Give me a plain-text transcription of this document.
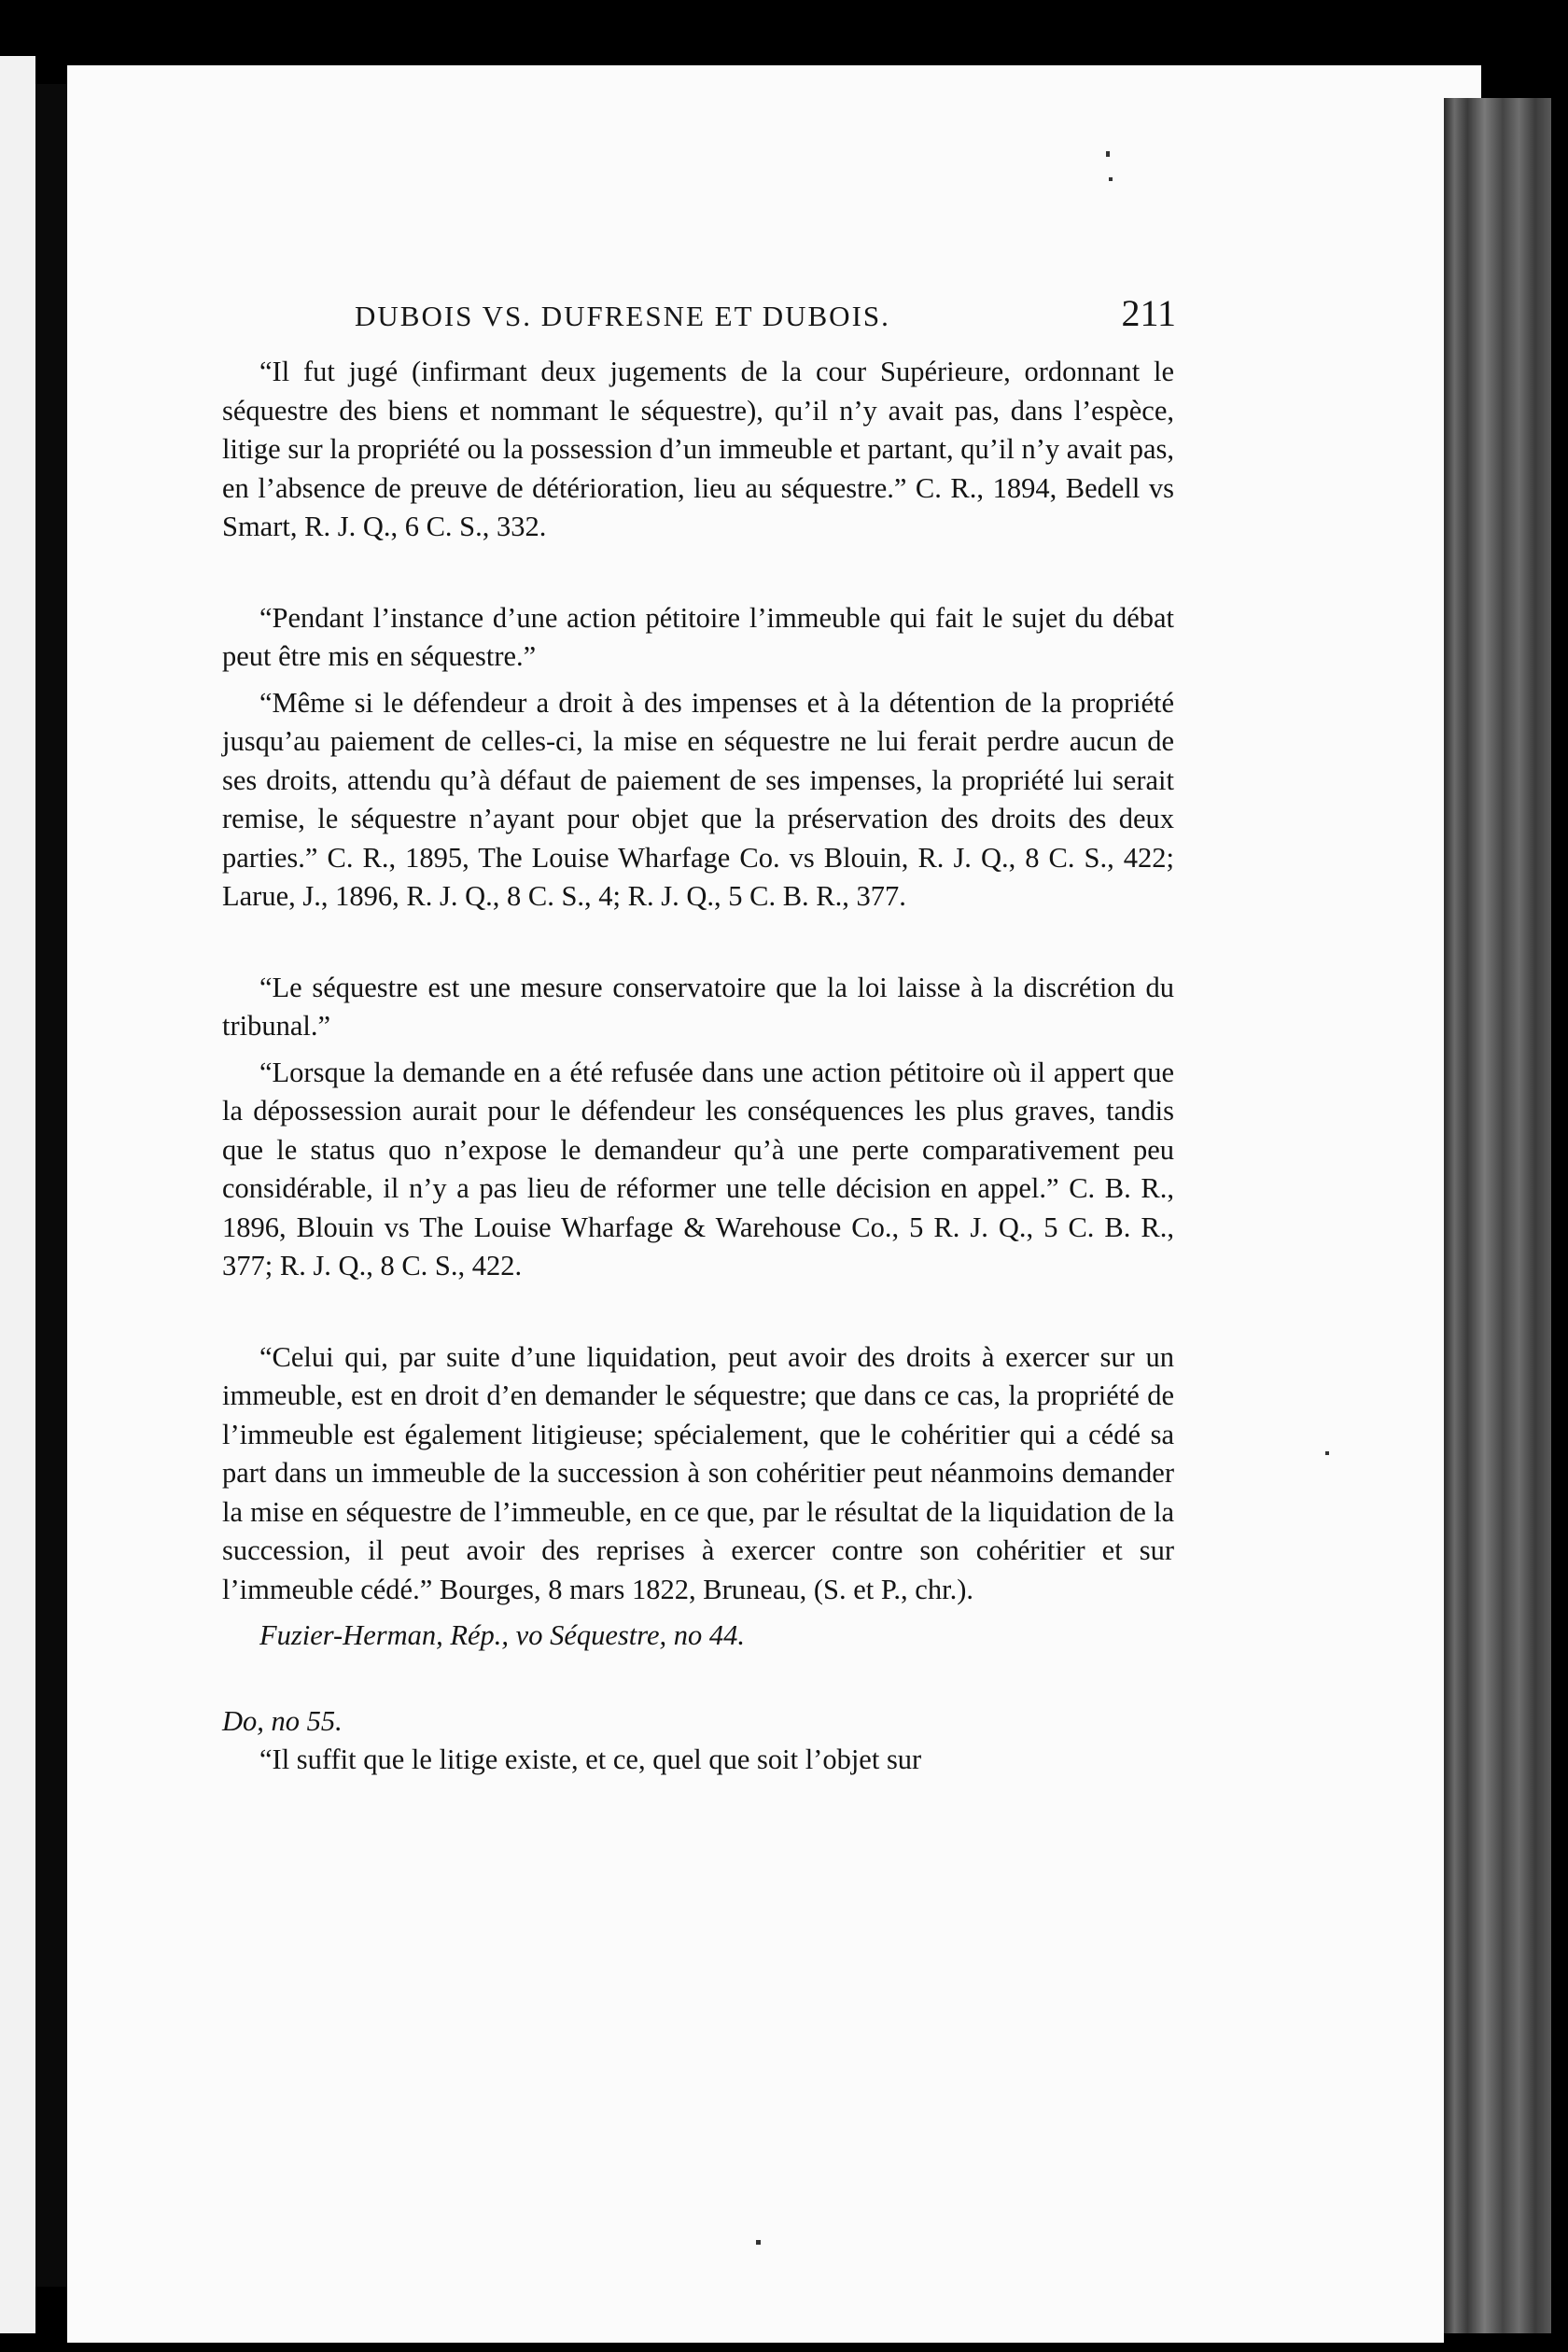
DUBOIS VS. DUFRESNE ET DUBOIS.	211

“Il fut jugé (infirmant deux jugements de la cour Supérieure, ordonnant le séquestre des biens et nommant le séquestre), qu’il n’y avait pas, dans l’espèce, litige sur la propriété ou la possession d’un immeuble et partant, qu’il n’y avait pas, en l’absence de preuve de détérioration, lieu au séquestre.” C. R., 1894, Bedell vs Smart, R. J. Q., 6 C. S., 332.

“Pendant l’instance d’une action pétitoire l’immeuble qui fait le sujet du débat peut être mis en séquestre.”

“Même si le défendeur a droit à des impenses et à la détention de la propriété jusqu’au paiement de celles-ci, la mise en séquestre ne lui ferait perdre aucun de ses droits, attendu qu’à défaut de paiement de ses impenses, la propriété lui serait remise, le séquestre n’ayant pour objet que la préservation des droits des deux parties.” C. R., 1895, The Louise Wharfage Co. vs Blouin, R. J. Q., 8 C. S., 422; Larue, J., 1896, R. J. Q., 8 C. S., 4; R. J. Q., 5 C. B. R., 377.

“Le séquestre est une mesure conservatoire que la loi laisse à la discrétion du tribunal.”

“Lorsque la demande en a été refusée dans une action pétitoire où il appert que la dépossession aurait pour le défendeur les conséquences les plus graves, tandis que le status quo n’expose le demandeur qu’à une perte comparativement peu considérable, il n’y a pas lieu de réformer une telle décision en appel.” C. B. R., 1896, Blouin vs The Louise Wharfage & Warehouse Co., 5 R. J. Q., 5 C. B. R., 377; R. J. Q., 8 C. S., 422.

“Celui qui, par suite d’une liquidation, peut avoir des droits à exercer sur un immeuble, est en droit d’en demander le séquestre; que dans ce cas, la propriété de l’immeuble est également litigieuse; spécialement, que le cohéritier qui a cédé sa part dans un immeuble de la succession à son cohéritier peut néanmoins demander la mise en séquestre de l’immeuble, en ce que, par le résultat de la liquidation de la succession, il peut avoir des reprises à exercer contre son cohéritier et sur l’immeuble cédé.” Bourges, 8 mars 1822, Bruneau, (S. et P., chr.).

Fuzier-Herman, Rép., vo Séquestre, no 44.

Do, no 55.

“Il suffit que le litige existe, et ce, quel que soit l’objet sur
